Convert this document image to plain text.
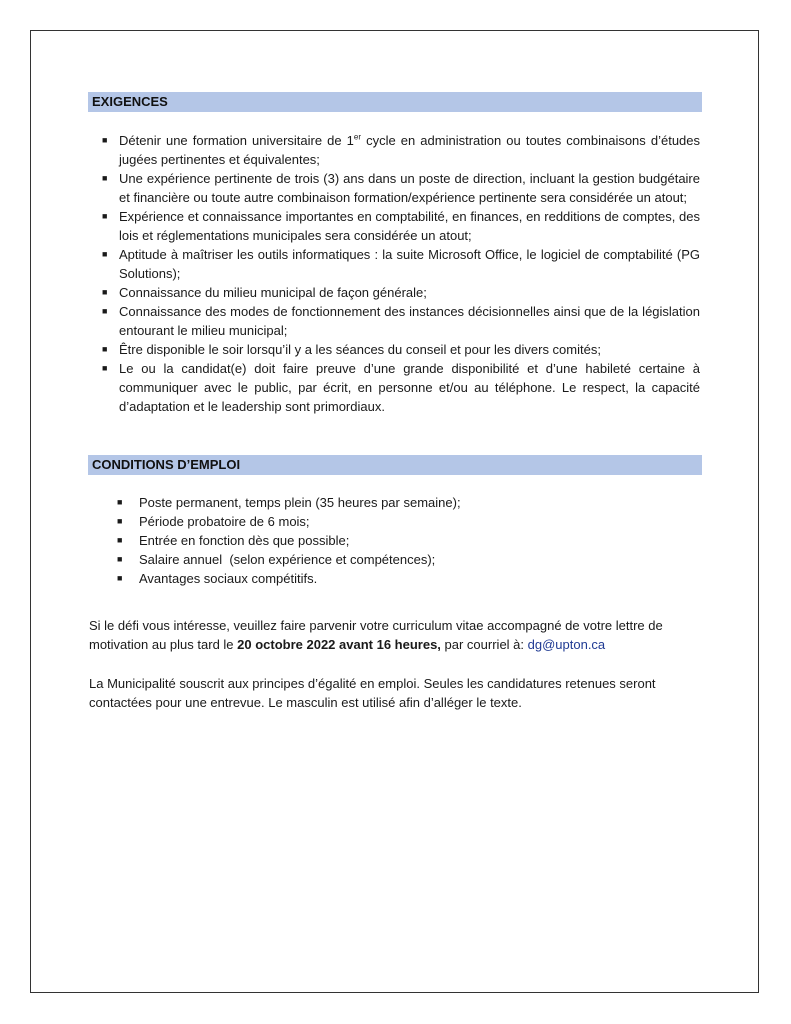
EXIGENCES
■ Détenir une formation universitaire de 1er cycle en administration ou toutes combinaisons d’études jugées pertinentes et équivalentes;
■ Une expérience pertinente de trois (3) ans dans un poste de direction, incluant la gestion budgétaire et financière ou toute autre combinaison formation/expérience pertinente sera considérée un atout;
■ Expérience et connaissance importantes en comptabilité, en finances, en redditions de comptes, des lois et réglementations municipales sera considérée un atout;
■ Aptitude à maîtriser les outils informatiques : la suite Microsoft Office, le logiciel de comptabilité (PG Solutions);
■ Connaissance du milieu municipal de façon générale;
■ Connaissance des modes de fonctionnement des instances décisionnelles ainsi que de la législation entourant le milieu municipal;
■ Être disponible le soir lorsqu’il y a les séances du conseil et pour les divers comités;
■ Le ou la candidat(e) doit faire preuve d’une grande disponibilité et d’une habileté certaine à communiquer avec le public, par écrit, en personne et/ou au téléphone. Le respect, la capacité d’adaptation et le leadership sont primordiaux.
CONDITIONS D’EMPLOI
■ Poste permanent, temps plein (35 heures par semaine);
■ Période probatoire de 6 mois;
■ Entrée en fonction dès que possible;
■ Salaire annuel  (selon expérience et compétences);
■ Avantages sociaux compétitifs.

Si le défi vous intéresse, veuillez faire parvenir votre curriculum vitae accompagné de votre lettre de motivation au plus tard le 20 octobre 2022 avant 16 heures, par courriel à: dg@upton.ca

La Municipalité souscrit aux principes d’égalité en emploi. Seules les candidatures retenues seront contactées pour une entrevue. Le masculin est utilisé afin d’alléger le texte.
